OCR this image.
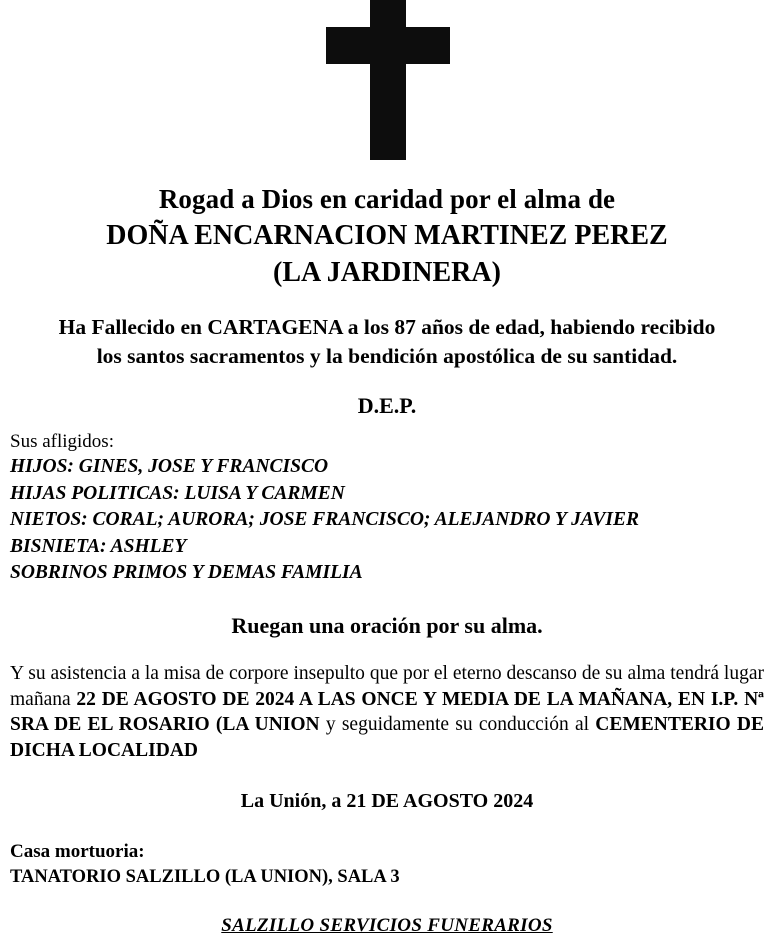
Rogad a Dios en caridad por el alma de
DOÑA ENCARNACION MARTINEZ PEREZ
(LA JARDINERA)
Ha Fallecido en CARTAGENA a los 87 años de edad, habiendo recibido
los santos sacramentos y la bendición apostólica de su santidad.
D.E.P.
Sus afligidos:
HIJOS: GINES, JOSE Y FRANCISCO
HIJAS POLITICAS: LUISA Y CARMEN
NIETOS: CORAL; AURORA; JOSE FRANCISCO; ALEJANDRO Y JAVIER
BISNIETA: ASHLEY
SOBRINOS PRIMOS Y DEMAS FAMILIA
Ruegan una oración por su alma.
Y su asistencia a la misa de corpore insepulto que por el eterno descanso de su alma tendrá lugar mañana 22 DE AGOSTO DE 2024 A LAS ONCE Y MEDIA DE LA MAÑANA, EN I.P. Nª SRA DE EL ROSARIO (LA UNION y seguidamente su conducción al CEMENTERIO DE DICHA LOCALIDAD
La Unión, a 21 DE AGOSTO 2024
Casa mortuoria:
TANATORIO SALZILLO (LA UNION), SALA 3
SALZILLO SERVICIOS FUNERARIOS
